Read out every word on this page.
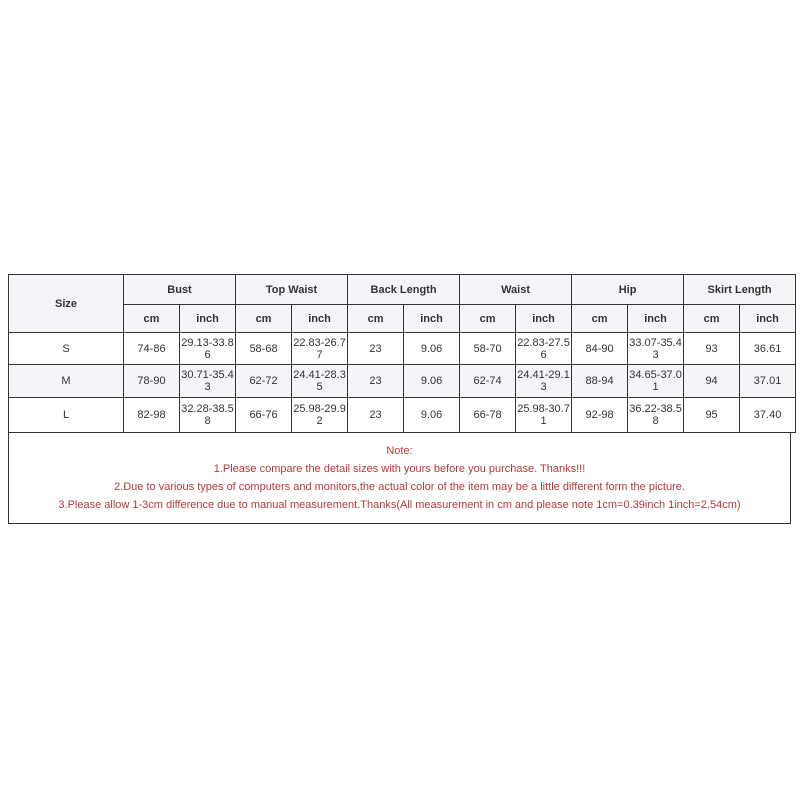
Size	Bust		Top Waist		Back Length		Waist		Hip		Skirt Length	
	cm	inch	cm	inch	cm	inch	cm	inch	cm	inch	cm	inch
S	74-86	29.13-33.86	58-68	22.83-26.77	23	9.06	58-70	22.83-27.56	84-90	33.07-35.43	93	36.61
M	78-90	30.71-35.43	62-72	24.41-28.35	23	9.06	62-74	24.41-29.13	88-94	34.65-37.01	94	37.01
L	82-98	32.28-38.58	66-76	25.98-29.92	23	9.06	66-78	25.98-30.71	92-98	36.22-38.58	95	37.40
Note:
1.Please compare the detail sizes with yours before you purchase. Thanks!!!
2.Due to various types of computers and monitors,the actual color of the item may be a little different form the picture.
3.Please allow 1-3cm difference due to manual measurement.Thanks(All measurement in cm and please note 1cm=0.39inch 1inch=2.54cm)
